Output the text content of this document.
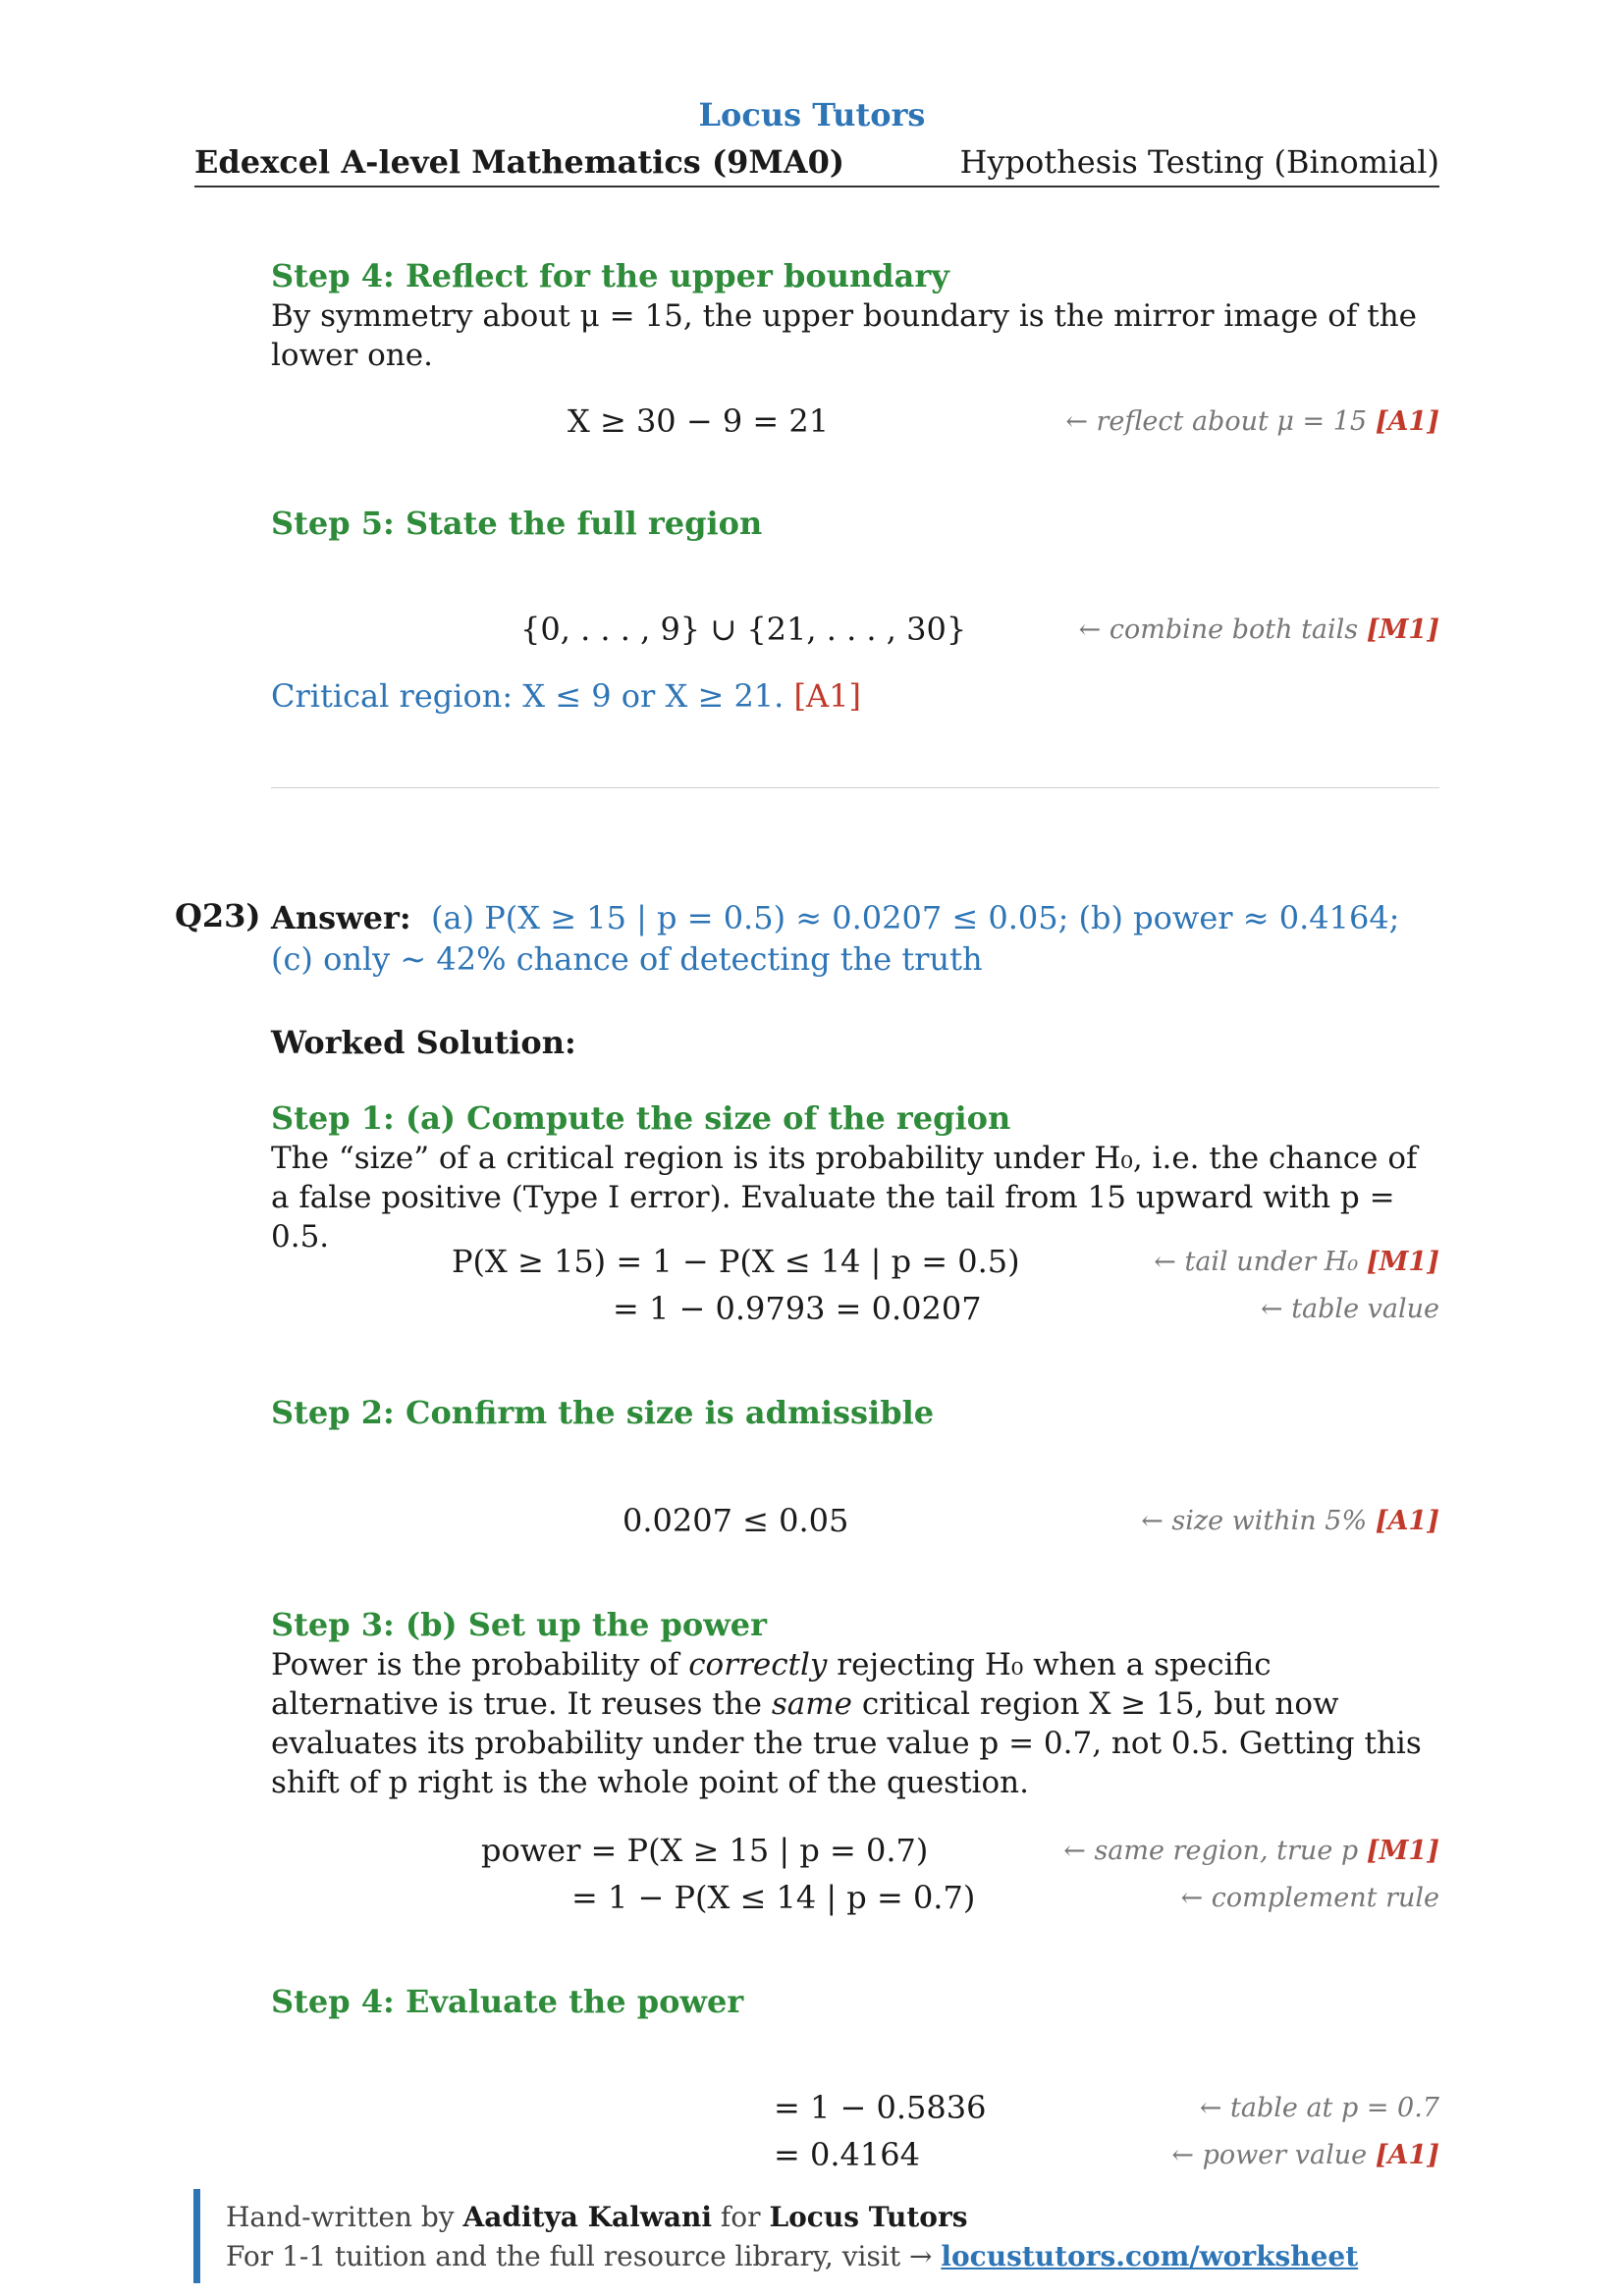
Locus Tutors
Edexcel A-level Mathematics (9MA0)	Hypothesis Testing (Binomial)
Step 4: Reflect for the upper boundary
By symmetry about μ = 15, the upper boundary is the mirror image of the lower one.
X ≥ 30 − 9 = 21	← reflect about μ = 15 [A1]
Step 5: State the full region
{0, . . . , 9} ∪ {21, . . . , 30}	← combine both tails [M1]
Critical region: X ≤ 9 or X ≥ 21. [A1]
Q23) Answer: (a) P(X ≥ 15 | p = 0.5) ≈ 0.0207 ≤ 0.05; (b) power ≈ 0.4164; (c) only ∼ 42% chance of detecting the truth
Worked Solution:
Step 1: (a) Compute the size of the region
The “size” of a critical region is its probability under H₀, i.e. the chance of a false positive (Type I error). Evaluate the tail from 15 upward with p = 0.5.
P(X ≥ 15) = 1 − P(X ≤ 14 | p = 0.5)	← tail under H₀ [M1]
= 1 − 0.9793 = 0.0207	← table value
Step 2: Confirm the size is admissible
0.0207 ≤ 0.05	← size within 5% [A1]
Step 3: (b) Set up the power
Power is the probability of correctly rejecting H₀ when a specific alternative is true. It reuses the same critical region X ≥ 15, but now evaluates its probability under the true value p = 0.7, not 0.5. Getting this shift of p right is the whole point of the question.
power = P(X ≥ 15 | p = 0.7)	← same region, true p [M1]
= 1 − P(X ≤ 14 | p = 0.7)	← complement rule
Step 4: Evaluate the power
= 1 − 0.5836	← table at p = 0.7
= 0.4164	← power value [A1]
Hand-written by Aaditya Kalwani for Locus Tutors
For 1-1 tuition and the full resource library, visit → locustutors.com/worksheet
